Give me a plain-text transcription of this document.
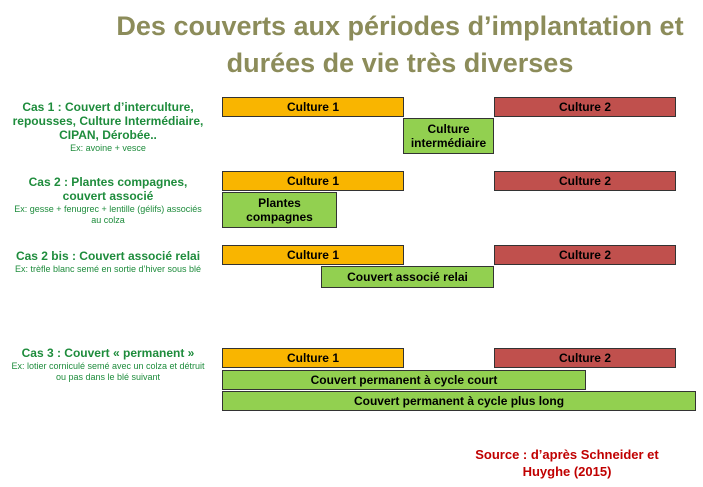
Des couverts aux périodes d’implantation et
durées de vie très diverses
Cas 1 : Couvert d’interculture, repousses, Culture Intermédiaire, CIPAN, Dérobée..
Ex: avoine + vesce
Culture 1	Culture 2
Culture intermédiaire
Cas 2 : Plantes compagnes, couvert associé
Ex: gesse + fenugrec + lentille (gélifs) associés au colza
Culture 1	Culture 2
Plantes compagnes
Cas 2 bis : Couvert associé relai
Ex: trèfle blanc semé en sortie d’hiver sous blé
Culture 1	Culture 2
Couvert associé relai
Cas 3 : Couvert « permanent »
Ex: lotier corniculé semé avec un colza et détruit ou pas dans le blé suivant
Culture 1	Culture 2
Couvert permanent à cycle court
Couvert permanent à cycle plus long
Source : d’après Schneider et
Huyghe (2015)
